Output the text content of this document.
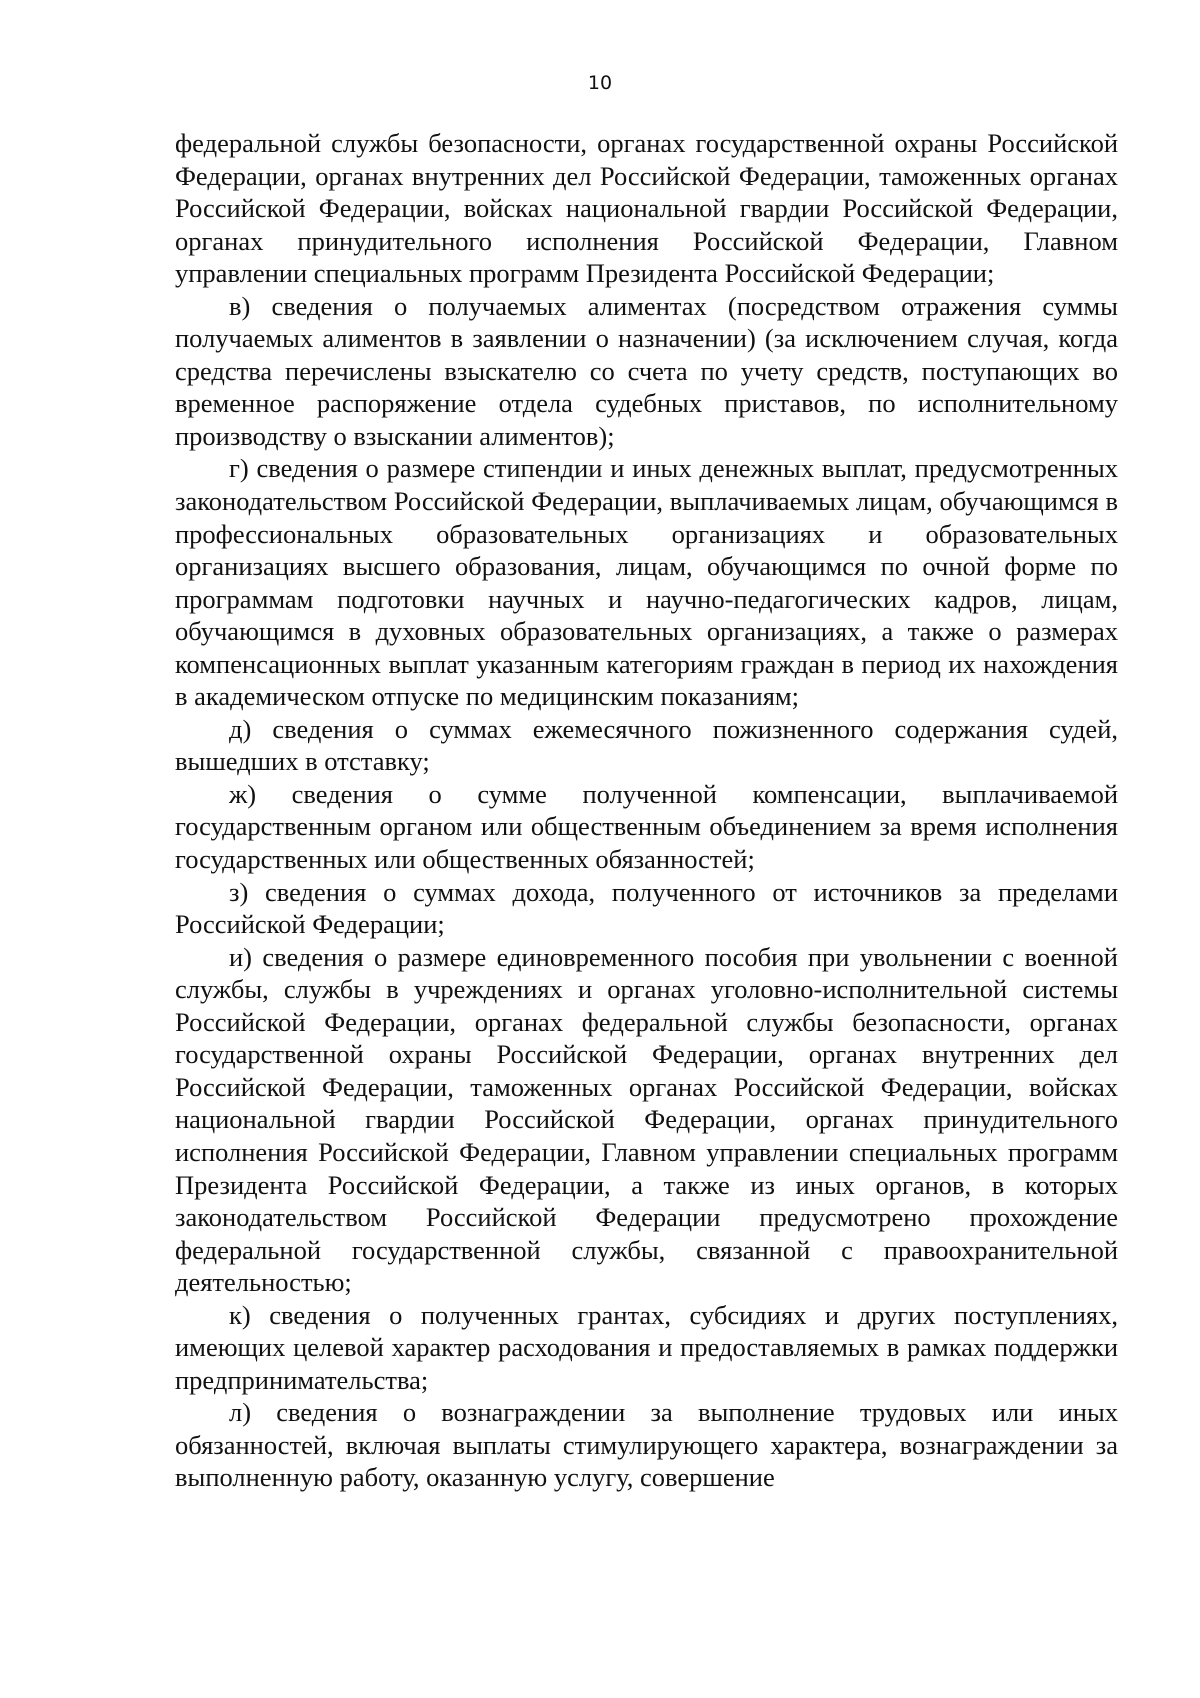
10

федеральной службы безопасности, органах государственной охраны Российской Федерации, органах внутренних дел Российской Федерации, таможенных органах Российской Федерации, войсках национальной гвардии Российской Федерации, органах принудительного исполнения Российской Федерации, Главном управлении специальных программ Президента Российской Федерации;

в) сведения о получаемых алиментах (посредством отражения суммы получаемых алиментов в заявлении о назначении) (за исключением случая, когда средства перечислены взыскателю со счета по учету средств, поступающих во временное распоряжение отдела судебных приставов, по исполнительному производству о взыскании алиментов);

г) сведения о размере стипендии и иных денежных выплат, предусмотренных законодательством Российской Федерации, выплачиваемых лицам, обучающимся в профессиональных образовательных организациях и образовательных организациях высшего образования, лицам, обучающимся по очной форме по программам подготовки научных и научно-педагогических кадров, лицам, обучающимся в духовных образовательных организациях, а также о размерах компенсационных выплат указанным категориям граждан в период их нахождения в академическом отпуске по медицинским показаниям;

д) сведения о суммах ежемесячного пожизненного содержания судей, вышедших в отставку;

ж) сведения о сумме полученной компенсации, выплачиваемой государственным органом или общественным объединением за время исполнения государственных или общественных обязанностей;

з) сведения о суммах дохода, полученного от источников за пределами Российской Федерации;

и) сведения о размере единовременного пособия при увольнении с военной службы, службы в учреждениях и органах уголовно-исполнительной системы Российской Федерации, органах федеральной службы безопасности, органах государственной охраны Российской Федерации, органах внутренних дел Российской Федерации, таможенных органах Российской Федерации, войсках национальной гвардии Российской Федерации, органах принудительного исполнения Российской Федерации, Главном управлении специальных программ Президента Российской Федерации, а также из иных органов, в которых законодательством Российской Федерации предусмотрено прохождение федеральной государственной службы, связанной с правоохранительной деятельностью;

к) сведения о полученных грантах, субсидиях и других поступлениях, имеющих целевой характер расходования и предоставляемых в рамках поддержки предпринимательства;

л) сведения о вознаграждении за выполнение трудовых или иных обязанностей, включая выплаты стимулирующего характера, вознаграждении за выполненную работу, оказанную услугу, совершение
